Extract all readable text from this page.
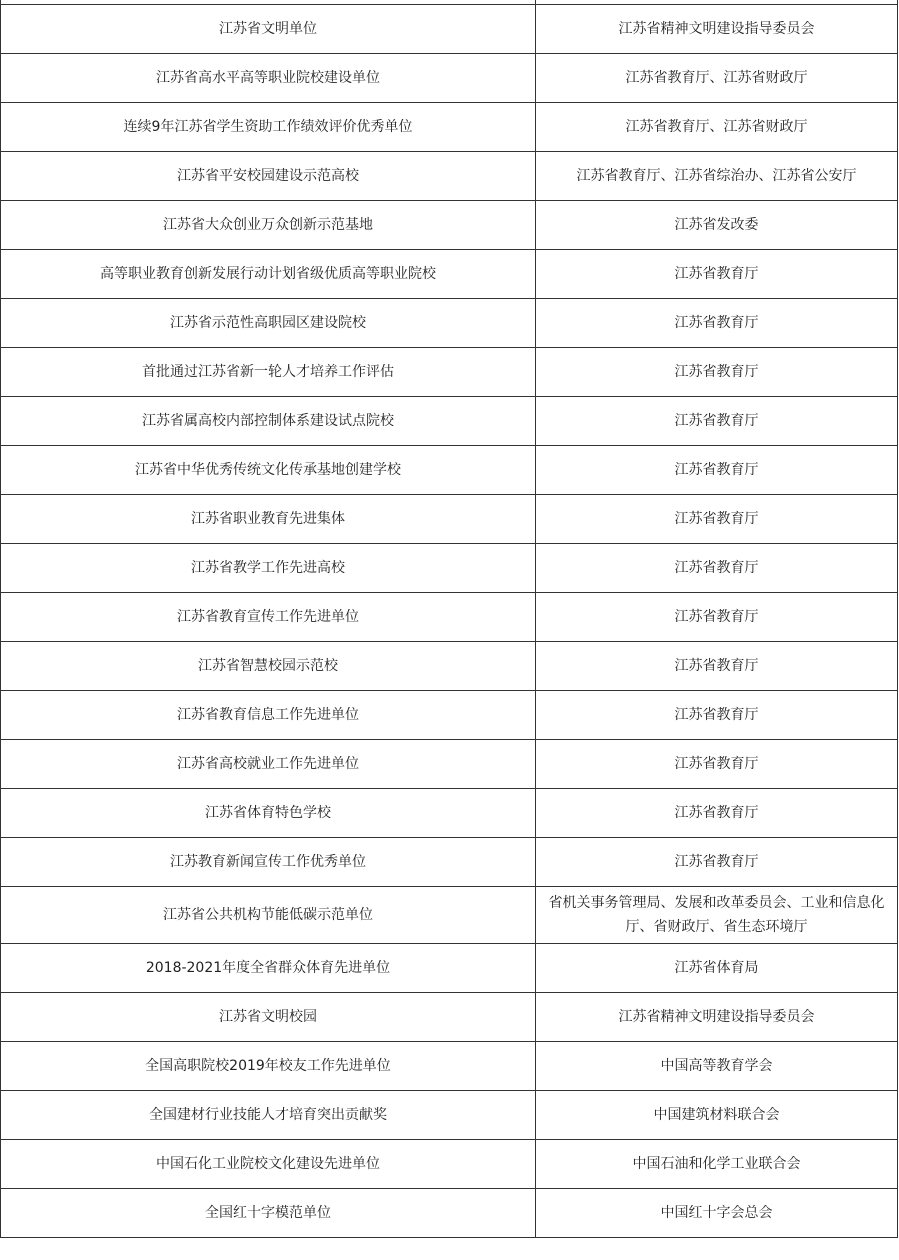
江苏省文明单位	江苏省精神文明建设指导委员会
江苏省高水平高等职业院校建设单位	江苏省教育厅、江苏省财政厅
连续9年江苏省学生资助工作绩效评价优秀单位	江苏省教育厅、江苏省财政厅
江苏省平安校园建设示范高校	江苏省教育厅、江苏省综治办、江苏省公安厅
江苏省大众创业万众创新示范基地	江苏省发改委
高等职业教育创新发展行动计划省级优质高等职业院校	江苏省教育厅
江苏省示范性高职园区建设院校	江苏省教育厅
首批通过江苏省新一轮人才培养工作评估	江苏省教育厅
江苏省属高校内部控制体系建设试点院校	江苏省教育厅
江苏省中华优秀传统文化传承基地创建学校	江苏省教育厅
江苏省职业教育先进集体	江苏省教育厅
江苏省教学工作先进高校	江苏省教育厅
江苏省教育宣传工作先进单位	江苏省教育厅
江苏省智慧校园示范校	江苏省教育厅
江苏省教育信息工作先进单位	江苏省教育厅
江苏省高校就业工作先进单位	江苏省教育厅
江苏省体育特色学校	江苏省教育厅
江苏教育新闻宣传工作优秀单位	江苏省教育厅
江苏省公共机构节能低碳示范单位	省机关事务管理局、发展和改革委员会、工业和信息化厅、省财政厅、省生态环境厅
2018-2021年度全省群众体育先进单位	江苏省体育局
江苏省文明校园	江苏省精神文明建设指导委员会
全国高职院校2019年校友工作先进单位	中国高等教育学会
全国建材行业技能人才培育突出贡献奖	中国建筑材料联合会
中国石化工业院校文化建设先进单位	中国石油和化学工业联合会
全国红十字模范单位	中国红十字会总会
